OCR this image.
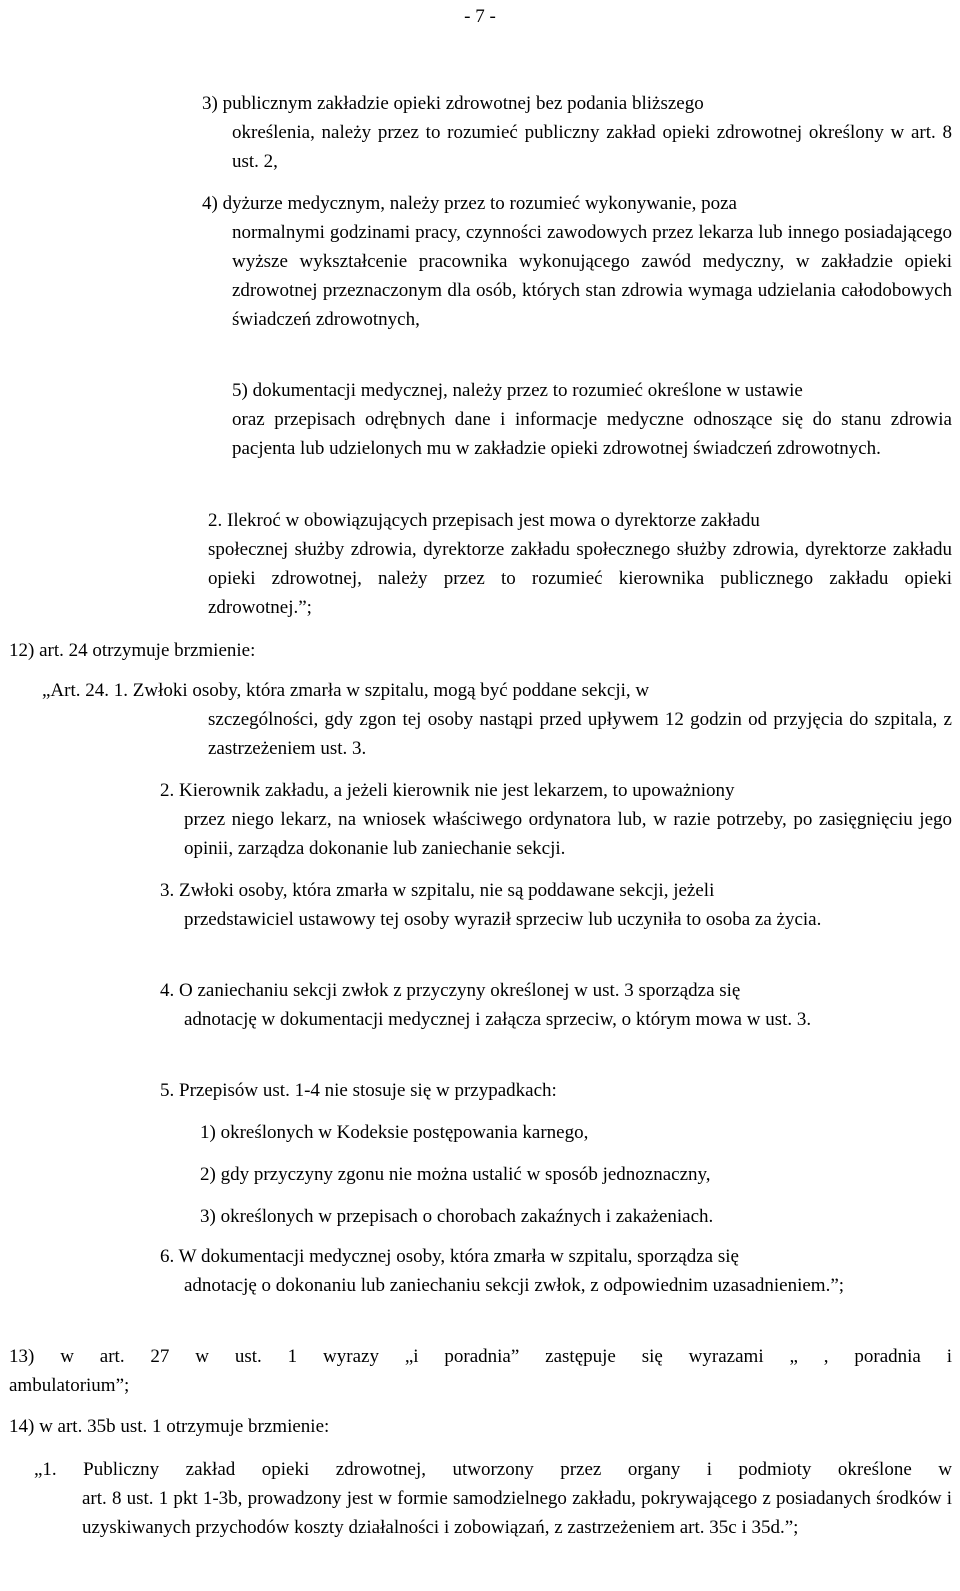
- 7 -
3) publicznym zakładzie opieki zdrowotnej bez podania bliższego
określenia, należy przez to rozumieć publiczny zakład opieki zdrowotnej określony w art. 8 ust. 2,
4) dyżurze medycznym, należy przez to rozumieć wykonywanie, poza
normalnymi godzinami pracy, czynności zawodowych przez lekarza lub innego posiadającego wyższe wykształcenie pracownika wykonującego zawód medyczny, w zakładzie opieki zdrowotnej przeznaczonym dla osób, których stan zdrowia wymaga udzielania całodobowych świadczeń zdrowotnych,
5) dokumentacji medycznej, należy przez to rozumieć określone w ustawie
oraz przepisach odrębnych dane i informacje medyczne odnoszące się do stanu zdrowia pacjenta lub udzielonych mu w zakładzie opieki zdrowotnej świadczeń zdrowotnych.
2. Ilekroć w obowiązujących przepisach jest mowa o dyrektorze zakładu
społecznej służby zdrowia, dyrektorze zakładu społecznego służby zdrowia, dyrektorze zakładu opieki zdrowotnej, należy przez to rozumieć kierownika publicznego zakładu opieki zdrowotnej.”;
12) art. 24 otrzymuje brzmienie:
„Art. 24. 1. Zwłoki osoby, która zmarła w szpitalu, mogą być poddane sekcji, w
szczególności, gdy zgon tej osoby nastąpi przed upływem 12 godzin od przyjęcia do szpitala, z zastrzeżeniem ust. 3.
2. Kierownik zakładu, a jeżeli kierownik nie jest lekarzem, to upoważniony
przez niego lekarz, na wniosek właściwego ordynatora lub, w razie potrzeby, po zasięgnięciu jego opinii, zarządza dokonanie lub zaniechanie sekcji.
3. Zwłoki osoby, która zmarła w szpitalu, nie są poddawane sekcji, jeżeli
przedstawiciel ustawowy tej osoby wyraził sprzeciw lub uczyniła to osoba za życia.
4. O zaniechaniu sekcji zwłok z przyczyny określonej w ust. 3 sporządza się
adnotację w dokumentacji medycznej i załącza sprzeciw, o którym mowa w ust. 3.
5. Przepisów ust. 1-4 nie stosuje się w przypadkach:
1) określonych w Kodeksie postępowania karnego,
2) gdy przyczyny zgonu nie można ustalić w sposób jednoznaczny,
3) określonych w przepisach o chorobach zakaźnych i zakażeniach.
6. W dokumentacji medycznej osoby, która zmarła w szpitalu, sporządza się
adnotację o dokonaniu lub zaniechaniu sekcji zwłok, z odpowiednim uzasadnieniem.”;
13) w art. 27 w ust. 1 wyrazy „i poradnia” zastępuje się wyrazami „ , poradnia i
ambulatorium”;
14) w art. 35b ust. 1 otrzymuje brzmienie:
„1. Publiczny zakład opieki zdrowotnej, utworzony przez organy i podmioty określone w
art. 8 ust. 1 pkt 1-3b, prowadzony jest w formie samodzielnego zakładu, pokrywającego z posiadanych środków i uzyskiwanych przychodów koszty działalności i zobowiązań, z zastrzeżeniem art. 35c i 35d.”;
